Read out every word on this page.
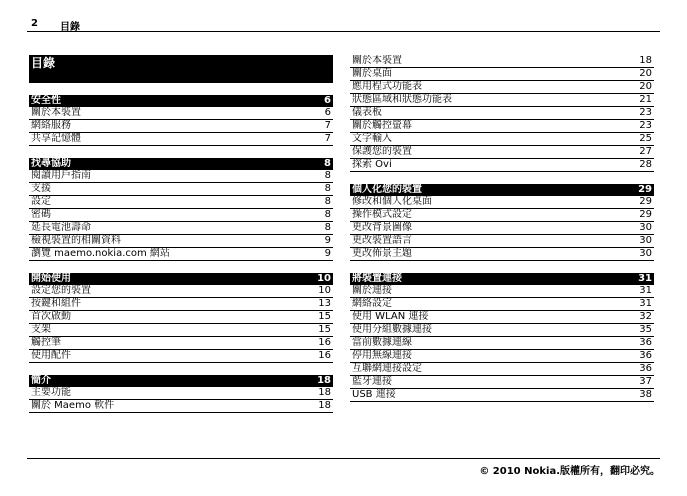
2 目錄
目錄
安全性	6
關於本裝置	6
網絡服務	7
共享記憶體	7
找尋協助	8
閱讀用戶指南	8
支援	8
設定	8
密碼	8
延長電池壽命	8
檢視裝置的相關資料	9
瀏覽 maemo.nokia.com 網站	9
開始使用	10
設定您的裝置	10
按鍵和組件	13
首次啟動	15
支架	15
觸控筆	16
使用配件	16
簡介	18
主要功能	18
關於 Maemo 軟件	18
關於本裝置	18
關於桌面	20
應用程式功能表	20
狀態區域和狀態功能表	21
儀表板	23
關於觸控螢幕	23
文字輸入	25
保護您的裝置	27
探索 Ovi	28
個人化您的裝置	29
修改和個人化桌面	29
操作模式設定	29
更改背景圖像	30
更改裝置語言	30
更改佈景主題	30
將裝置連接	31
關於連接	31
網絡設定	31
使用 WLAN 連接	32
使用分組數據連接	35
當前數據連線	36
停用無線連接	36
互聯網連接設定	36
藍牙連接	37
USB 連接	38
© 2010 Nokia.版權所有，翻印必究。
